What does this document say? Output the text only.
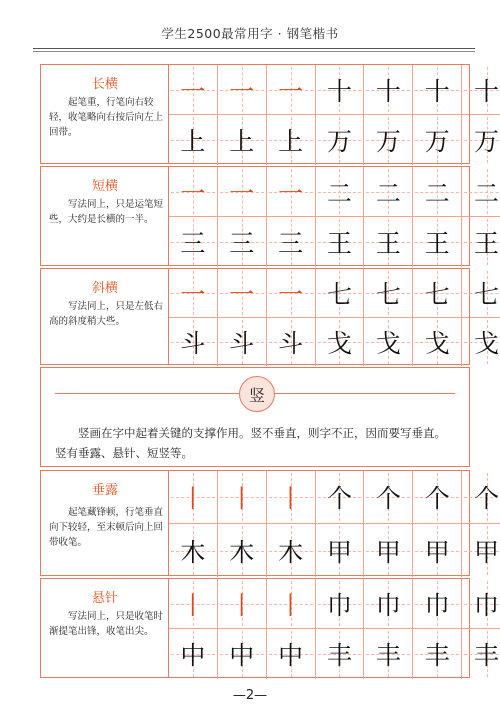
学生2500最常用字 · 钢笔楷书
长横
起笔重，行笔向右较轻，收笔略向右按后向左上回带。
一 一 一 十 十 十 十
上 上 上 万 万 万 万
短横
写法同上，只是运笔短些，大约是长横的一半。
一 一 一 二 二 二 二
三 三 三 王 王 王 王
斜横
写法同上，只是左低右高的斜度稍大些。
一 一 一 七 七 七 七
斗 斗 斗 戈 戈 戈 戈
垂露
起笔藏锋顿，行笔垂直向下较轻，至末顿后向上回带收笔。
丨 丨 丨 个 个 个 个
木 木 木 甲 甲 甲 甲
悬针
写法同上，只是收笔时渐提笔出锋，收笔出尖。
丨 丨 丨 巾 巾 巾 巾
中 中 中 丰 丰 丰 丰
竖
竖画在字中起着关键的支撑作用。竖不垂直，则字不正，因而要写垂直。竖有垂露、悬针、短竖等。
—2—
